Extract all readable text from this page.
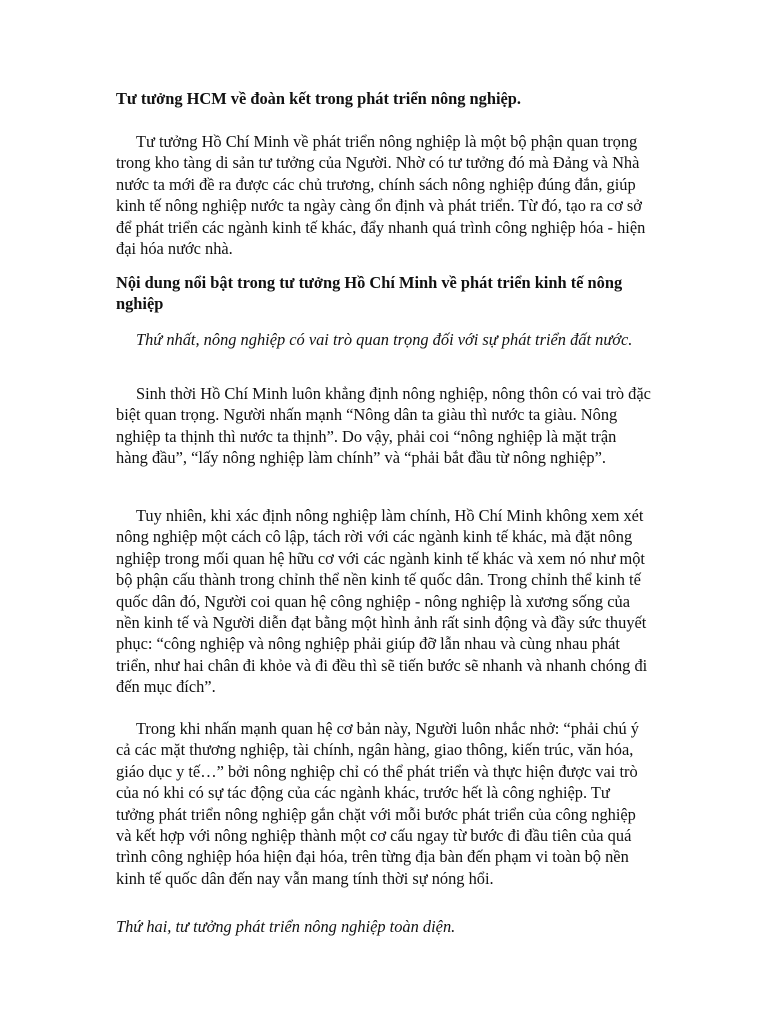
Tư tưởng HCM về đoàn kết trong phát triển nông nghiệp.

Tư tưởng Hồ Chí Minh về phát triển nông nghiệp là một bộ phận quan trọng trong kho tàng di sản tư tưởng của Người. Nhờ có tư tưởng đó mà Đảng và Nhà nước ta mới đề ra được các chủ trương, chính sách nông nghiệp đúng đắn, giúp kinh tế nông nghiệp nước ta ngày càng ổn định và phát triển. Từ đó, tạo ra cơ sở để phát triển các ngành kinh tế khác, đẩy nhanh quá trình công nghiệp hóa - hiện đại hóa nước nhà.

Nội dung nổi bật trong tư tưởng Hồ Chí Minh về phát triển kinh tế nông nghiệp

Thứ nhất, nông nghiệp có vai trò quan trọng đối với sự phát triển đất nước.

Sinh thời Hồ Chí Minh luôn khẳng định nông nghiệp, nông thôn có vai trò đặc biệt quan trọng. Người nhấn mạnh “Nông dân ta giàu thì nước ta giàu. Nông nghiệp ta thịnh thì nước ta thịnh”. Do vậy, phải coi “nông nghiệp là mặt trận hàng đầu”, “lấy nông nghiệp làm chính” và “phải bắt đầu từ nông nghiệp”.

Tuy nhiên, khi xác định nông nghiệp làm chính, Hồ Chí Minh không xem xét nông nghiệp một cách cô lập, tách rời với các ngành kinh tế khác, mà đặt nông nghiệp trong mối quan hệ hữu cơ với các ngành kinh tế khác và xem nó như một bộ phận cấu thành trong chỉnh thể nền kinh tế quốc dân. Trong chỉnh thể kinh tế quốc dân đó, Người coi quan hệ công nghiệp - nông nghiệp là xương sống của nền kinh tế và Người diễn đạt bằng một hình ảnh rất sinh động và đầy sức thuyết phục: “công nghiệp và nông nghiệp phải giúp đỡ lẫn nhau và cùng nhau phát triển, như hai chân đi khỏe và đi đều thì sẽ tiến bước sẽ nhanh và nhanh chóng đi đến mục đích”.

Trong khi nhấn mạnh quan hệ cơ bản này, Người luôn nhắc nhở: “phải chú ý cả các mặt thương nghiệp, tài chính, ngân hàng, giao thông, kiến trúc, văn hóa, giáo dục y tế…” bởi nông nghiệp chỉ có thể phát triển và thực hiện được vai trò của nó khi có sự tác động của các ngành khác, trước hết là công nghiệp. Tư tưởng phát triển nông nghiệp gắn chặt với mỗi bước phát triển của công nghiệp và kết hợp với nông nghiệp thành một cơ cấu ngay từ bước đi đầu tiên của quá trình công nghiệp hóa hiện đại hóa, trên từng địa bàn đến phạm vi toàn bộ nền kinh tế quốc dân đến nay vẫn mang tính thời sự nóng hổi.

Thứ hai, tư tưởng phát triển nông nghiệp toàn diện.
